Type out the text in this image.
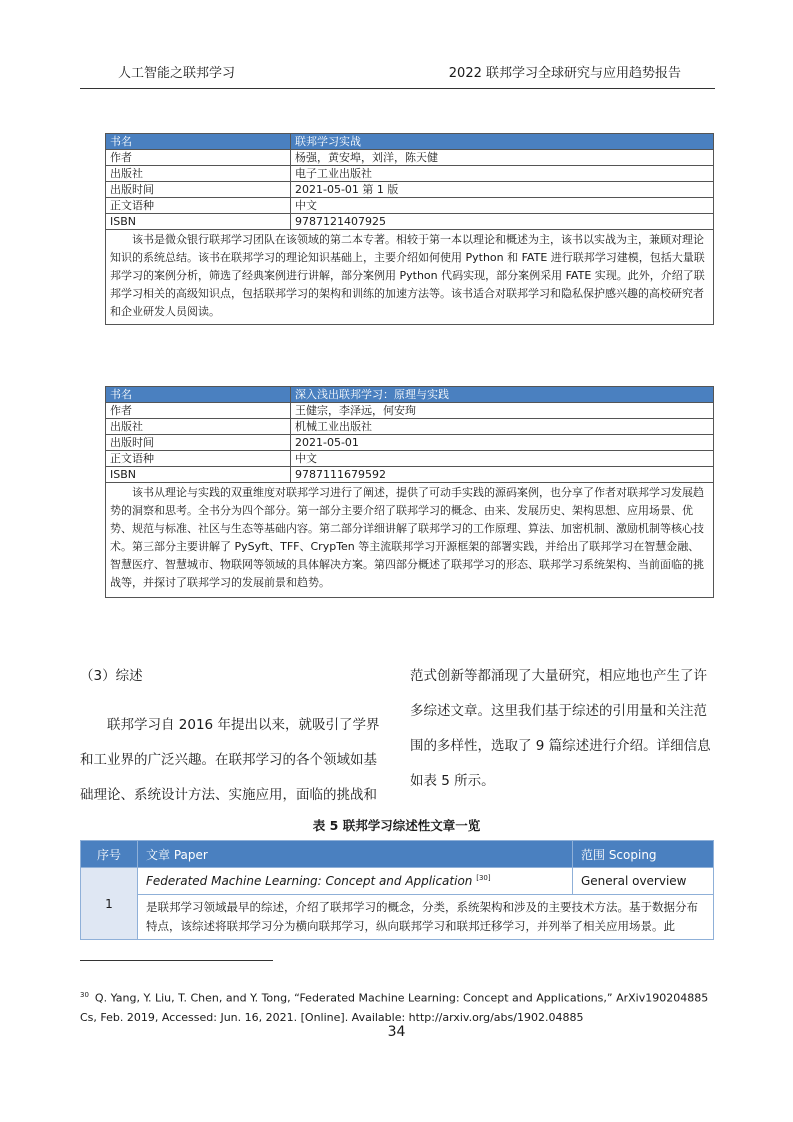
人工智能之联邦学习	2022 联邦学习全球研究与应用趋势报告
书名	联邦学习实战
作者	杨强，黄安埠，刘洋，陈天健
出版社	电子工业出版社
出版时间	2021-05-01 第 1 版
正文语种	中文
ISBN	9787121407925
该书是微众银行联邦学习团队在该领域的第二本专著。相较于第一本以理论和概述为主，该书以实战为主，兼顾对理论知识的系统总结。该书在联邦学习的理论知识基础上，主要介绍如何使用 Python 和 FATE 进行联邦学习建模，包括大量联邦学习的案例分析，筛选了经典案例进行讲解，部分案例用 Python 代码实现，部分案例采用 FATE 实现。此外，介绍了联邦学习相关的高级知识点，包括联邦学习的架构和训练的加速方法等。该书适合对联邦学习和隐私保护感兴趣的高校研究者和企业研发人员阅读。	
书名	深入浅出联邦学习：原理与实践
作者	王健宗，李泽远，何安珣
出版社	机械工业出版社
出版时间	2021-05-01
正文语种	中文
ISBN	9787111679592
该书从理论与实践的双重维度对联邦学习进行了阐述，提供了可动手实践的源码案例，也分享了作者对联邦学习发展趋势的洞察和思考。全书分为四个部分。第一部分主要介绍了联邦学习的概念、由来、发展历史、架构思想、应用场景、优势、规范与标准、社区与生态等基础内容。第二部分详细讲解了联邦学习的工作原理、算法、加密机制、激励机制等核心技术。第三部分主要讲解了 PySyft、TFF、CrypTen 等主流联邦学习开源框架的部署实践，并给出了联邦学习在智慧金融、智慧医疗、智慧城市、物联网等领域的具体解决方案。第四部分概述了联邦学习的形态、联邦学习系统架构、当前面临的挑战等，并探讨了联邦学习的发展前景和趋势。	
（3）综述
联邦学习自 2016 年提出以来，就吸引了学界和工业界的广泛兴趣。在联邦学习的各个领域如基础理论、系统设计方法、实施应用，面临的挑战和
范式创新等都涌现了大量研究，相应地也产生了许多综述文章。这里我们基于综述的引用量和关注范围的多样性，选取了 9 篇综述进行介绍。详细信息如表 5 所示。
表 5 联邦学习综述性文章一览
序号	文章 Paper	范围 Scoping
1	Federated Machine Learning: Concept and Application [30]	General overview
	是联邦学习领域最早的综述，介绍了联邦学习的概念，分类，系统架构和涉及的主要技术方法。基于数据分布特点，该综述将联邦学习分为横向联邦学习，纵向联邦学习和联邦迁移学习，并列举了相关应用场景。此	
$^{30}$ Q. Yang, Y. Liu, T. Chen, and Y. Tong, “Federated Machine Learning: Concept and Applications,” ArXiv190204885 Cs, Feb. 2019, Accessed: Jun. 16, 2021. [Online]. Available: http://arxiv.org/abs/1902.04885
34
